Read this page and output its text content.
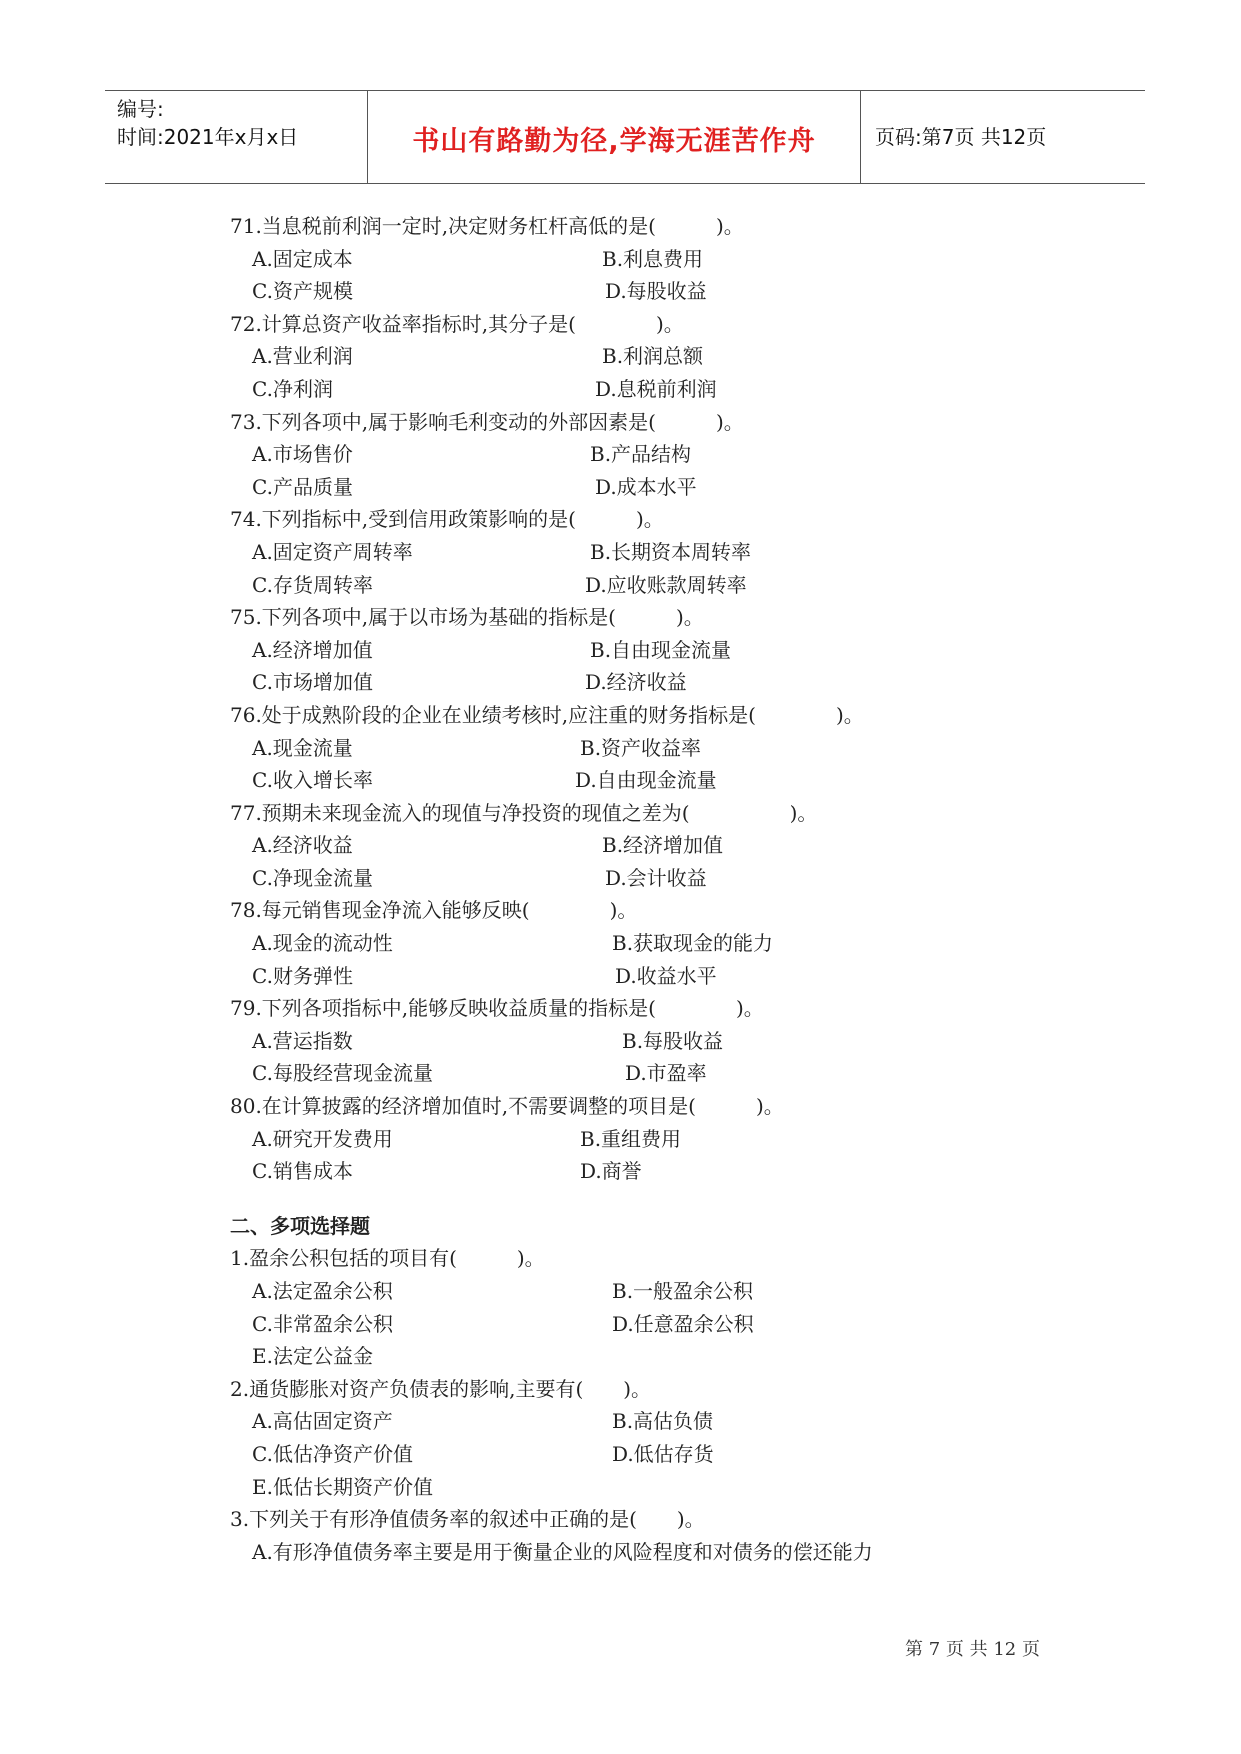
编号:
时间:2021年x月x日	书山有路勤为径,学海无涯苦作舟	页码:第7页 共12页
71.当息税前利润一定时,决定财务杠杆高低的是(　　　)。
A.固定成本	B.利息费用
C.资产规模	D.每股收益
72.计算总资产收益率指标时,其分子是(　　　　)。
A.营业利润	B.利润总额
C.净利润	D.息税前利润
73.下列各项中,属于影响毛利变动的外部因素是(　　　)。
A.市场售价	B.产品结构
C.产品质量	D.成本水平
74.下列指标中,受到信用政策影响的是(　　　)。
A.固定资产周转率	B.长期资本周转率
C.存货周转率	D.应收账款周转率
75.下列各项中,属于以市场为基础的指标是(　　　)。
A.经济增加值	B.自由现金流量
C.市场增加值	D.经济收益
76.处于成熟阶段的企业在业绩考核时,应注重的财务指标是(　　　　)。
A.现金流量	B.资产收益率
C.收入增长率	D.自由现金流量
77.预期未来现金流入的现值与净投资的现值之差为(　　　　　)。
A.经济收益	B.经济增加值
C.净现金流量	D.会计收益
78.每元销售现金净流入能够反映(　　　　)。
A.现金的流动性	B.获取现金的能力
C.财务弹性	D.收益水平
79.下列各项指标中,能够反映收益质量的指标是(　　　　)。
A.营运指数	B.每股收益
C.每股经营现金流量	D.市盈率
80.在计算披露的经济增加值时,不需要调整的项目是(　　　)。
A.研究开发费用	B.重组费用
C.销售成本	D.商誉
二、多项选择题
1.盈余公积包括的项目有(　　　)。
A.法定盈余公积	B.一般盈余公积
C.非常盈余公积	D.任意盈余公积
E.法定公益金
2.通货膨胀对资产负债表的影响,主要有(　　)。
A.高估固定资产	B.高估负债
C.低估净资产价值	D.低估存货
E.低估长期资产价值
3.下列关于有形净值债务率的叙述中正确的是(　　)。
A.有形净值债务率主要是用于衡量企业的风险程度和对债务的偿还能力
第 7 页 共 12 页
